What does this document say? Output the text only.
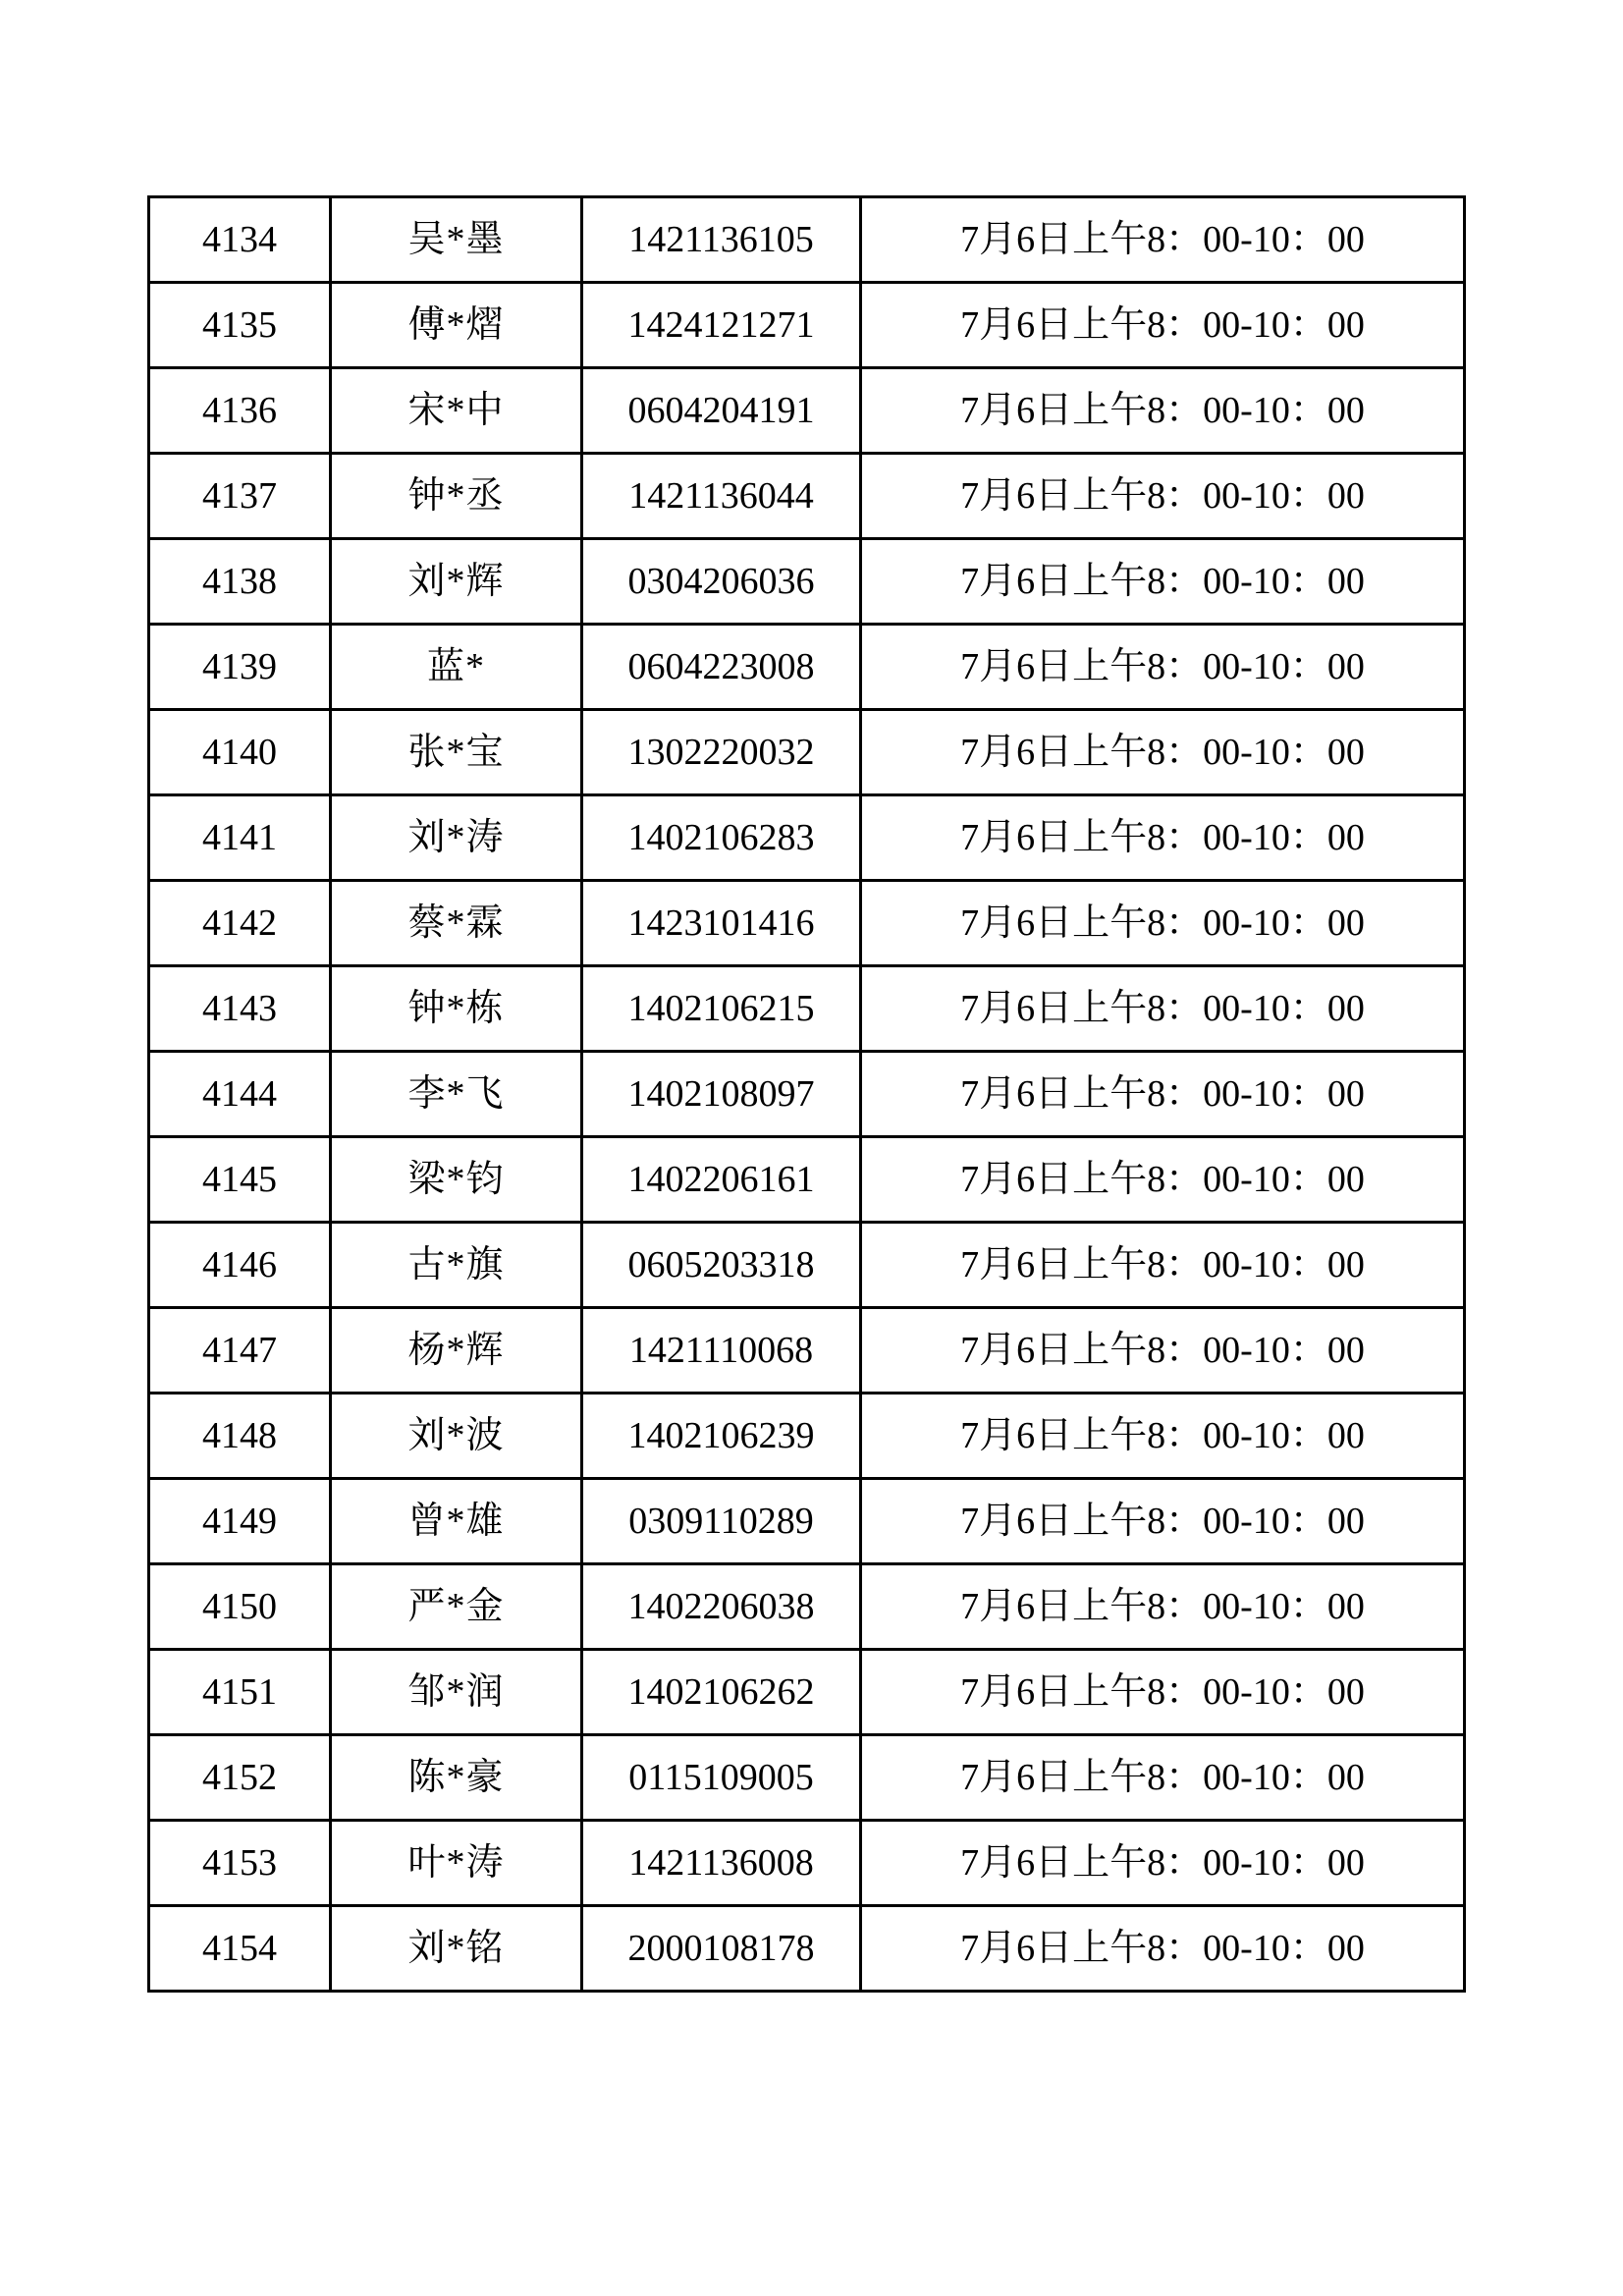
4134	吴*墨	1421136105	7月6日上午8：00-10：00
4135	傅*熠	1424121271	7月6日上午8：00-10：00
4136	宋*中	0604204191	7月6日上午8：00-10：00
4137	钟*丞	1421136044	7月6日上午8：00-10：00
4138	刘*辉	0304206036	7月6日上午8：00-10：00
4139	蓝*	0604223008	7月6日上午8：00-10：00
4140	张*宝	1302220032	7月6日上午8：00-10：00
4141	刘*涛	1402106283	7月6日上午8：00-10：00
4142	蔡*霖	1423101416	7月6日上午8：00-10：00
4143	钟*栋	1402106215	7月6日上午8：00-10：00
4144	李*飞	1402108097	7月6日上午8：00-10：00
4145	梁*钧	1402206161	7月6日上午8：00-10：00
4146	古*旗	0605203318	7月6日上午8：00-10：00
4147	杨*辉	1421110068	7月6日上午8：00-10：00
4148	刘*波	1402106239	7月6日上午8：00-10：00
4149	曾*雄	0309110289	7月6日上午8：00-10：00
4150	严*金	1402206038	7月6日上午8：00-10：00
4151	邹*润	1402106262	7月6日上午8：00-10：00
4152	陈*豪	0115109005	7月6日上午8：00-10：00
4153	叶*涛	1421136008	7月6日上午8：00-10：00
4154	刘*铭	2000108178	7月6日上午8：00-10：00
